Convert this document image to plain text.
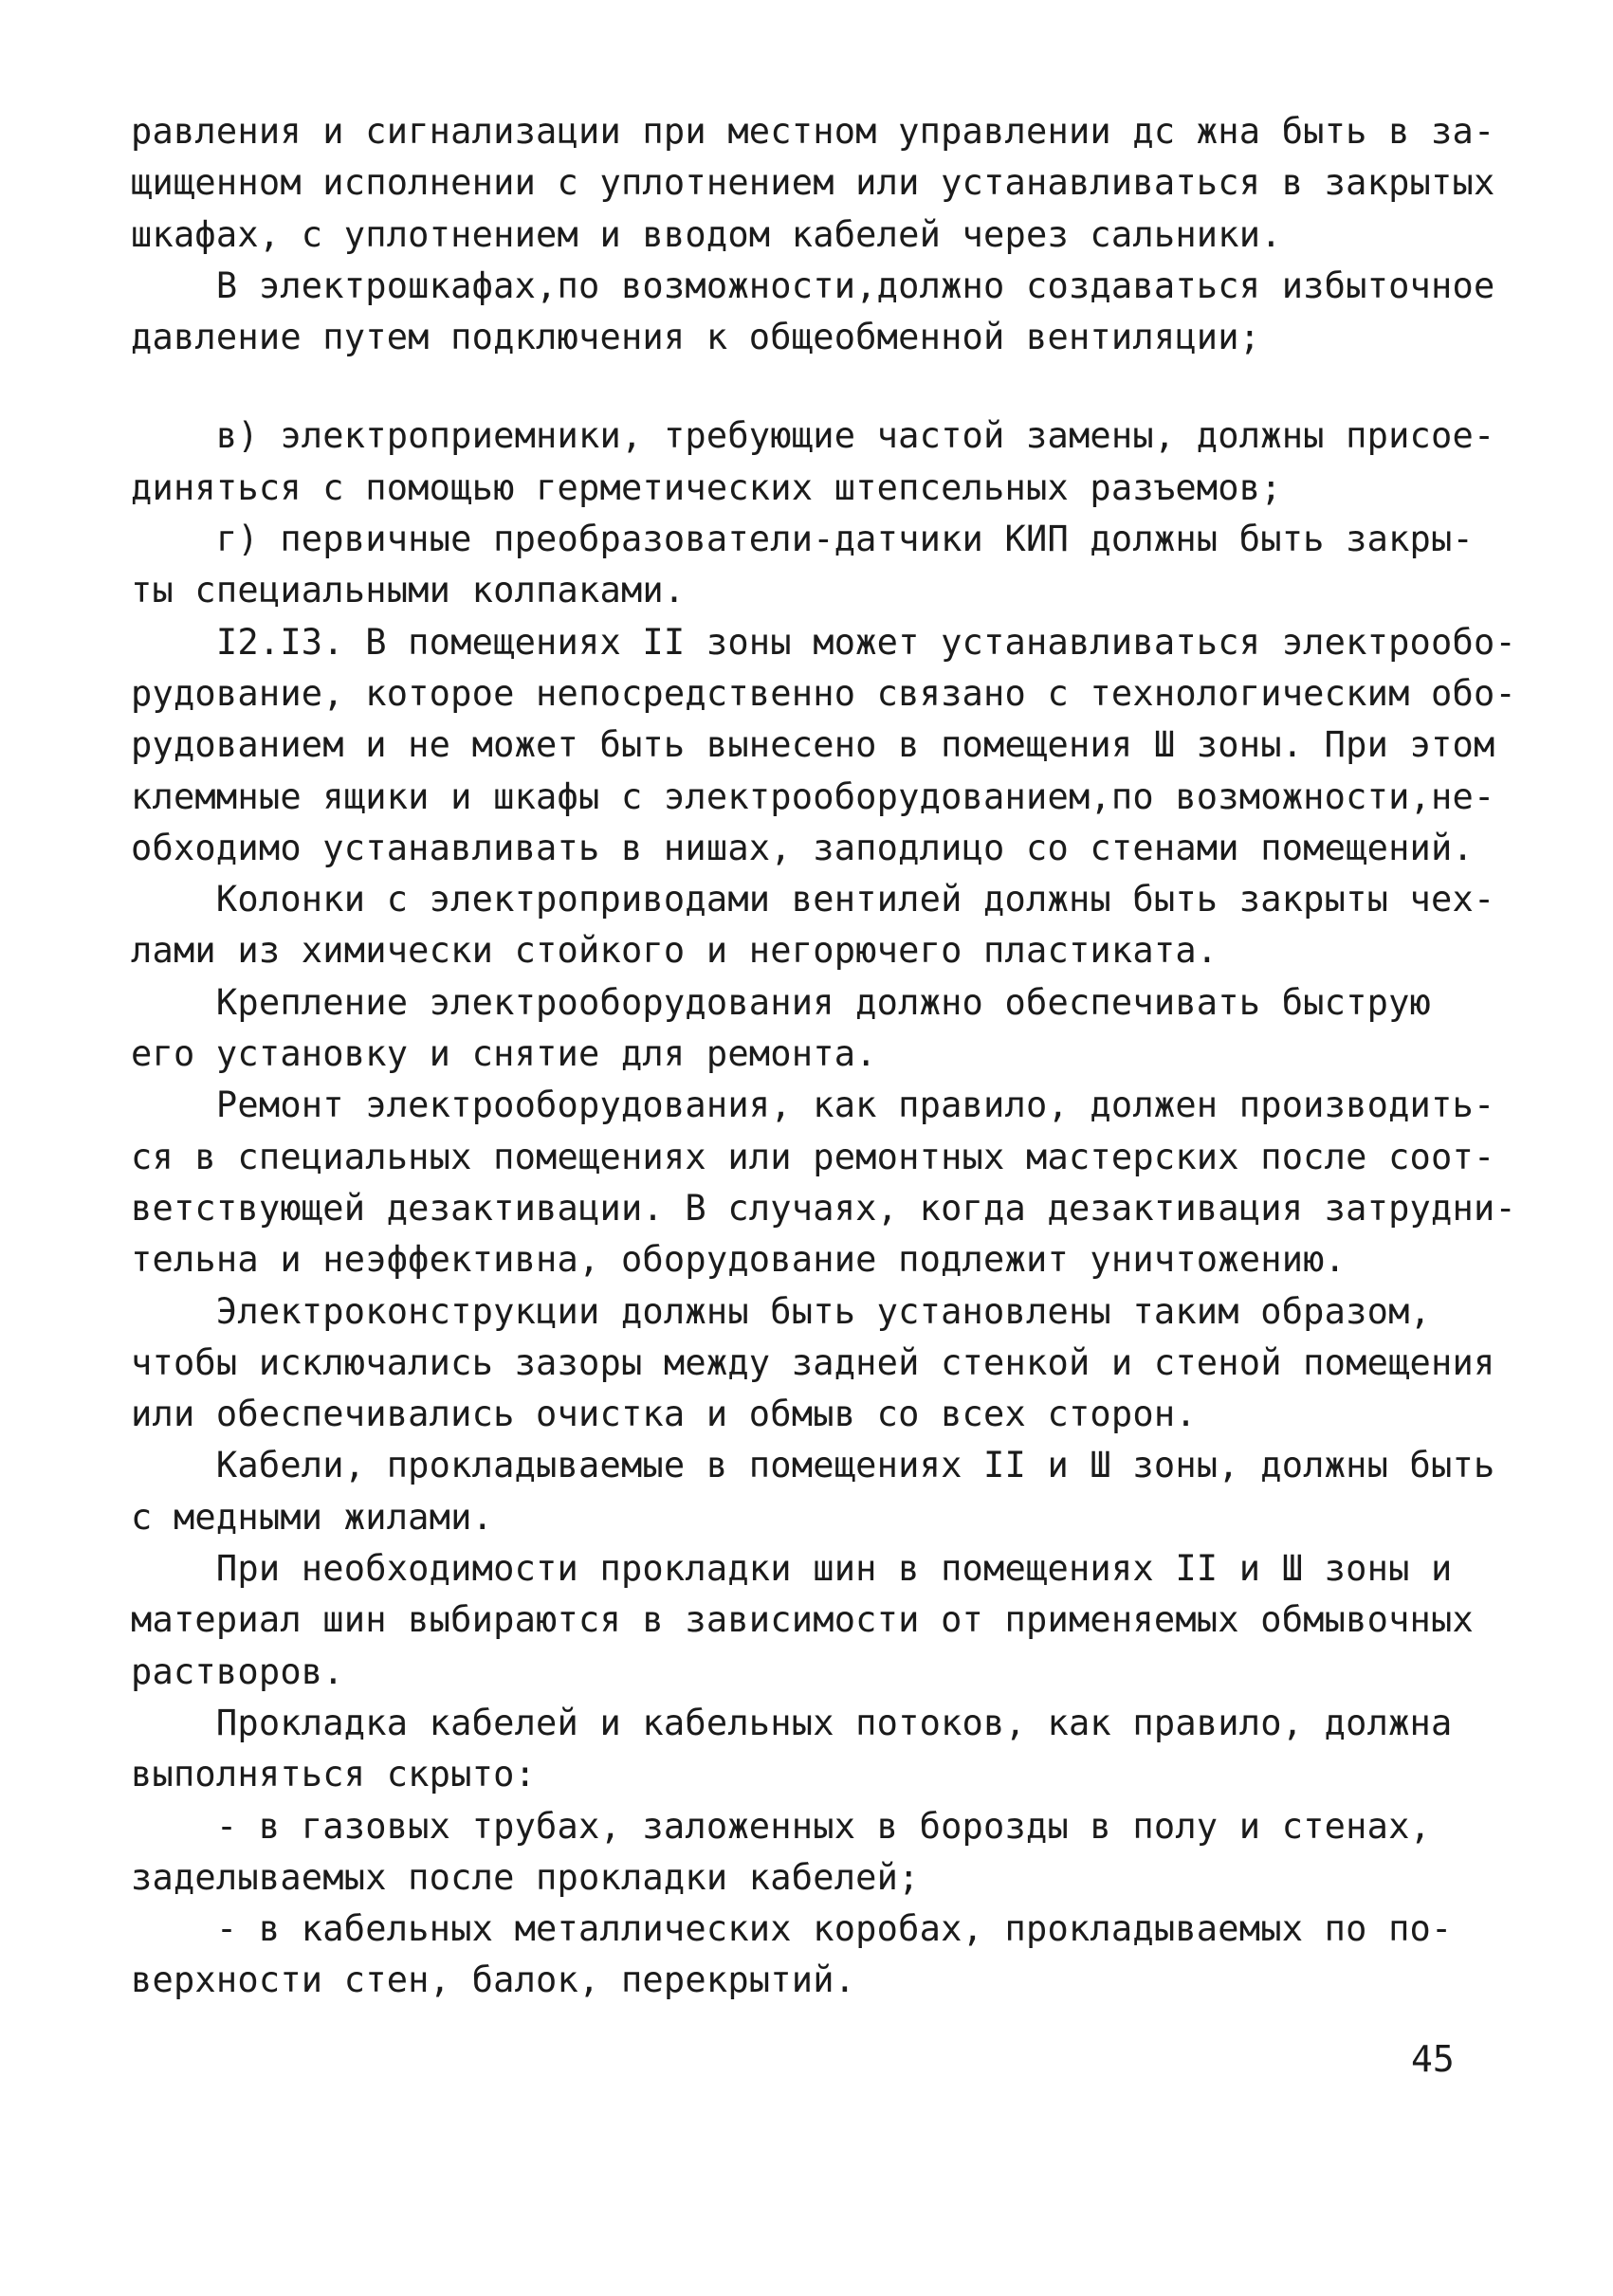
равления и сигнализации при местном управлении дс жна быть в за-
щищенном исполнении с уплотнением или устанавливаться в закрытых
шкафах, с уплотнением и вводом кабелей через сальники.
В электрошкафах,по возможности,должно создаваться избыточное
давление путем подключения к общеобменной вентиляции;
в) электроприемники, требующие частой замены, должны присое-
диняться с помощью герметических штепсельных разъемов;
г) первичные преобразователи-датчики КИП должны быть закры-
ты специальными колпаками.
I2.I3. В помещениях II зоны может устанавливаться электрообо-
рудование, которое непосредственно связано с технологическим обо-
рудованием и не может быть вынесено в помещения Ш зоны. При этом
клеммные ящики и шкафы с электрооборудованием,по возможности,не-
обходимо устанавливать в нишах, заподлицо со стенами помещений.
Колонки с электроприводами вентилей должны быть закрыты чех-
лами из химически стойкого и негорючего пластиката.
Крепление электрооборудования должно обеспечивать быструю
его установку и снятие для ремонта.
Ремонт электрооборудования, как правило, должен производить-
ся в специальных помещениях или ремонтных мастерских после соот-
ветствующей дезактивации. В случаях, когда дезактивация затрудни-
тельна и неэффективна, оборудование подлежит уничтожению.
Электроконструкции должны быть установлены таким образом,
чтобы исключались зазоры между задней стенкой и стеной помещения
или обеспечивались очистка и обмыв со всех сторон.
Кабели, прокладываемые в помещениях II и Ш зоны, должны быть
с медными жилами.
При необходимости прокладки шин в помещениях II и Ш зоны и
материал шин выбираются в зависимости от применяемых обмывочных
растворов.
Прокладка кабелей и кабельных потоков, как правило, должна
выполняться скрыто:
- в газовых трубах, заложенных в борозды в полу и стенах,
заделываемых после прокладки кабелей;
- в кабельных металлических коробах, прокладываемых по по-
верхности стен, балок, перекрытий.
45
